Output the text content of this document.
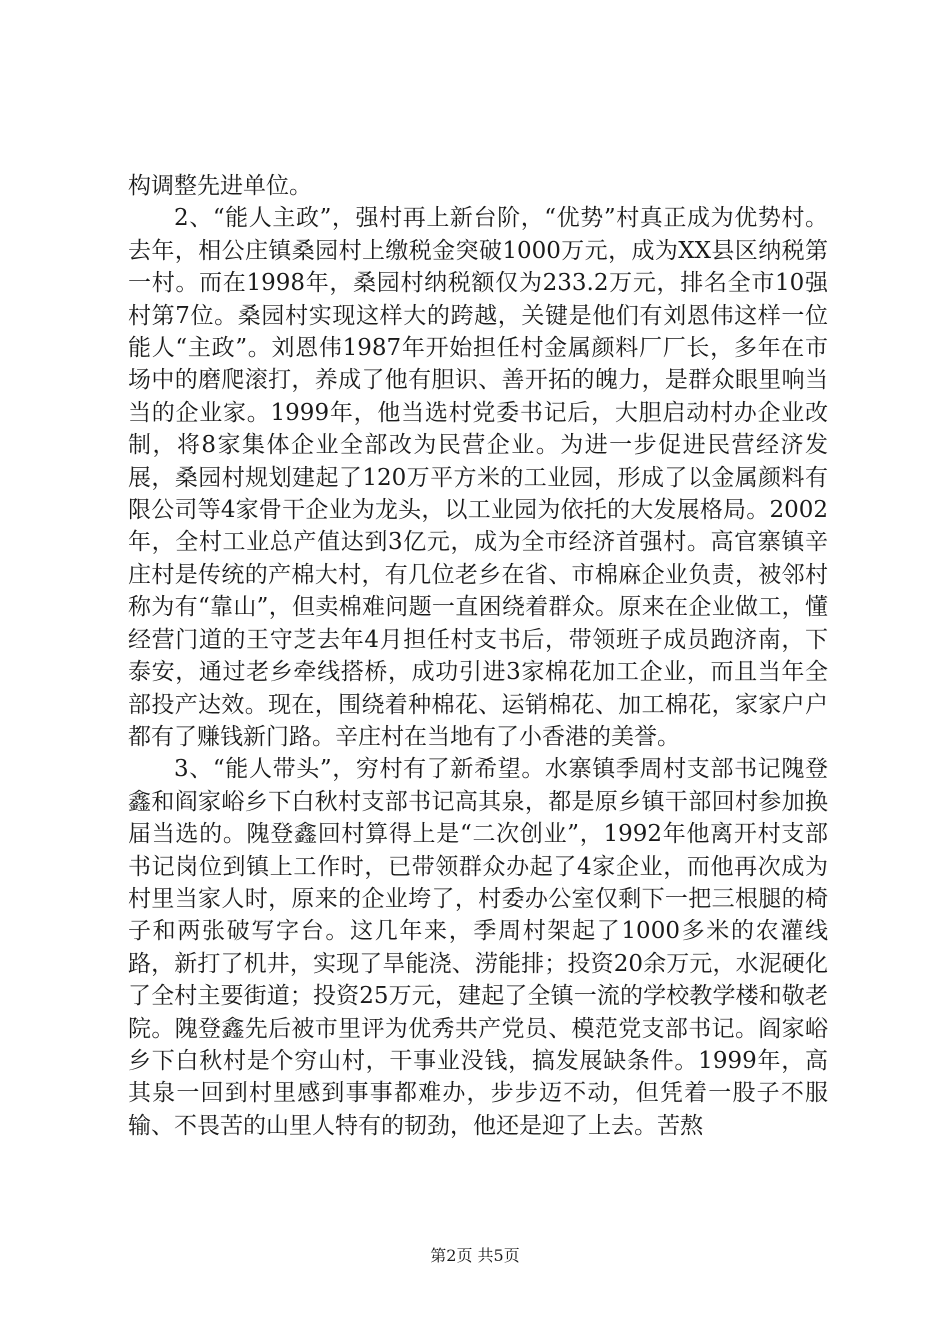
构调整先进单位。

2、“能人主政”，强村再上新台阶，“优势”村真正成为优势村。去年，相公庄镇桑园村上缴税金突破1000万元，成为XX县区纳税第一村。而在1998年，桑园村纳税额仅为233.2万元，排名全市10强村第7位。桑园村实现这样大的跨越，关键是他们有刘恩伟这样一位能人“主政”。刘恩伟1987年开始担任村金属颜料厂厂长，多年在市场中的磨爬滚打，养成了他有胆识、善开拓的魄力，是群众眼里响当当的企业家。1999年，他当选村党委书记后，大胆启动村办企业改制，将8家集体企业全部改为民营企业。为进一步促进民营经济发展，桑园村规划建起了120万平方米的工业园，形成了以金属颜料有限公司等4家骨干企业为龙头，以工业园为依托的大发展格局。2002年，全村工业总产值达到3亿元，成为全市经济首强村。高官寨镇辛庄村是传统的产棉大村，有几位老乡在省、市棉麻企业负责，被邻村称为有“靠山”，但卖棉难问题一直困绕着群众。原来在企业做工，懂经营门道的王守芝去年4月担任村支书后，带领班子成员跑济南，下泰安，通过老乡牵线搭桥，成功引进3家棉花加工企业，而且当年全部投产达效。现在，围绕着种棉花、运销棉花、加工棉花，家家户户都有了赚钱新门路。辛庄村在当地有了小香港的美誉。

3、“能人带头”，穷村有了新希望。水寨镇季周村支部书记隗登鑫和阎家峪乡下白秋村支部书记高其泉，都是原乡镇干部回村参加换届当选的。隗登鑫回村算得上是“二次创业”，1992年他离开村支部书记岗位到镇上工作时，已带领群众办起了4家企业，而他再次成为村里当家人时，原来的企业垮了，村委办公室仅剩下一把三根腿的椅子和两张破写字台。这几年来，季周村架起了1000多米的农灌线路，新打了机井，实现了旱能浇、涝能排；投资20余万元，水泥硬化了全村主要街道；投资25万元，建起了全镇一流的学校教学楼和敬老院。隗登鑫先后被市里评为优秀共产党员、模范党支部书记。阎家峪乡下白秋村是个穷山村，干事业没钱，搞发展缺条件。1999年，高其泉一回到村里感到事事都难办，步步迈不动，但凭着一股子不服输、不畏苦的山里人特有的韧劲，他还是迎了上去。苦熬

第2页 共5页
